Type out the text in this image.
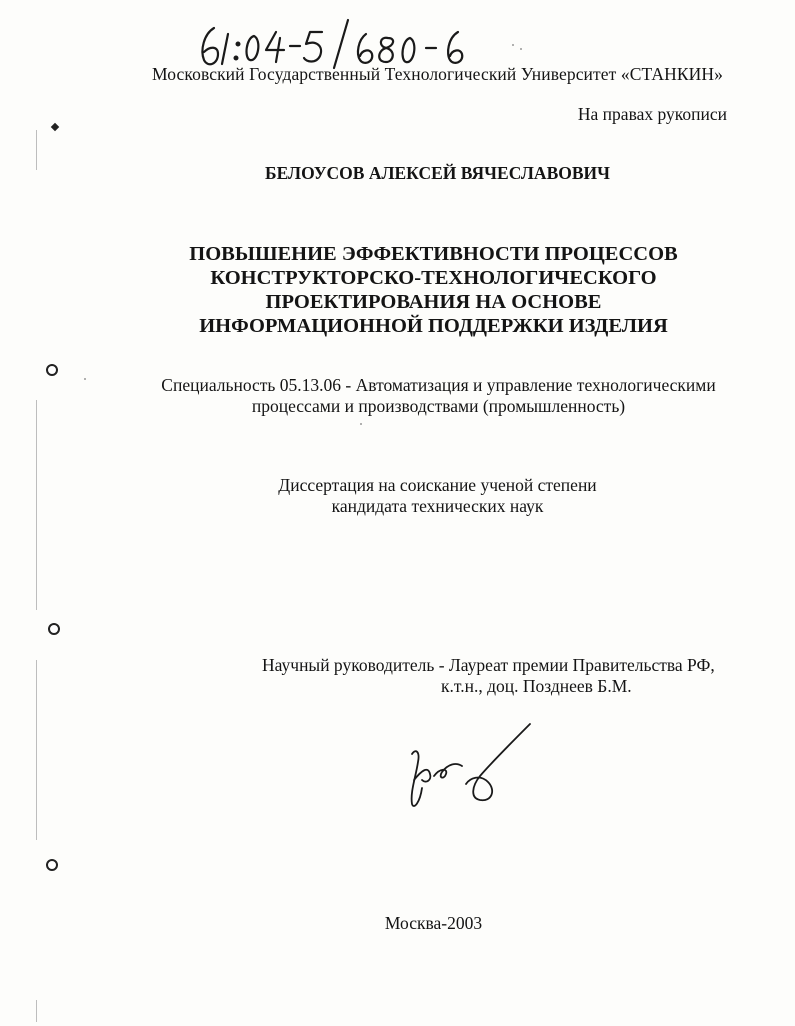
Московский Государственный Технологический Университет «СТАНКИН»
На правах рукописи
БЕЛОУСОВ АЛЕКСЕЙ ВЯЧЕСЛАВОВИЧ
ПОВЫШЕНИЕ ЭФФЕКТИВНОСТИ ПРОЦЕССОВ
КОНСТРУКТОРСКО-ТЕХНОЛОГИЧЕСКОГО
ПРОЕКТИРОВАНИЯ НА ОСНОВЕ
ИНФОРМАЦИОННОЙ ПОДДЕРЖКИ ИЗДЕЛИЯ
Специальность 05.13.06 - Автоматизация и управление технологическими
процессами и производствами (промышленность)
Диссертация на соискание ученой степени
кандидата технических наук
Научный руководитель - Лауреат премии Правительства РФ,
к.т.н., доц. Позднеев Б.М.
Москва-2003
